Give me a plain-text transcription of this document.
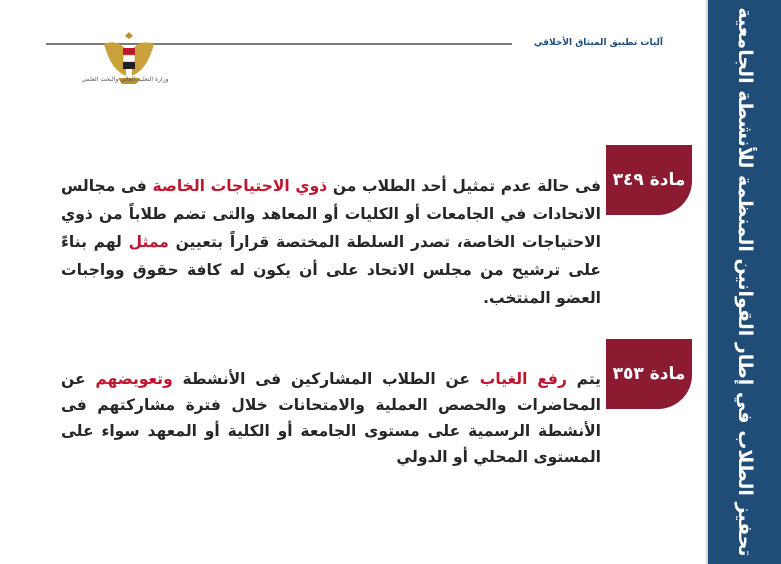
تحفيز الطلاب في إطار القوانين المنظمة للأنشطة الجامعية
آليات تطبيق الميثاق الأخلاقي
وزارة التعليم العالي والبحث العلمي
مادة ٣٤٩
فى حالة عدم تمثيل أحد الطلاب من ذوي الاحتياجات الخاصة فى مجالس الاتحادات في الجامعات أو الكليات أو المعاهد والتى تضم طلاباً من ذوي الاحتياجات الخاصة، تصدر السلطة المختصة قراراً بتعيين ممثل لهم بناءً على ترشيح من مجلس الاتحاد على أن يكون له كافة حقوق وواجبات العضو المنتخب.
مادة ٣٥٣
يتم رفع الغياب عن الطلاب المشاركين فى الأنشطة وتعويضهم عن المحاضرات والحصص العملية والامتحانات خلال فترة مشاركتهم فى الأنشطة الرسمية على مستوى الجامعة أو الكلية أو المعهد سواء على المستوى المحلي أو الدولي
